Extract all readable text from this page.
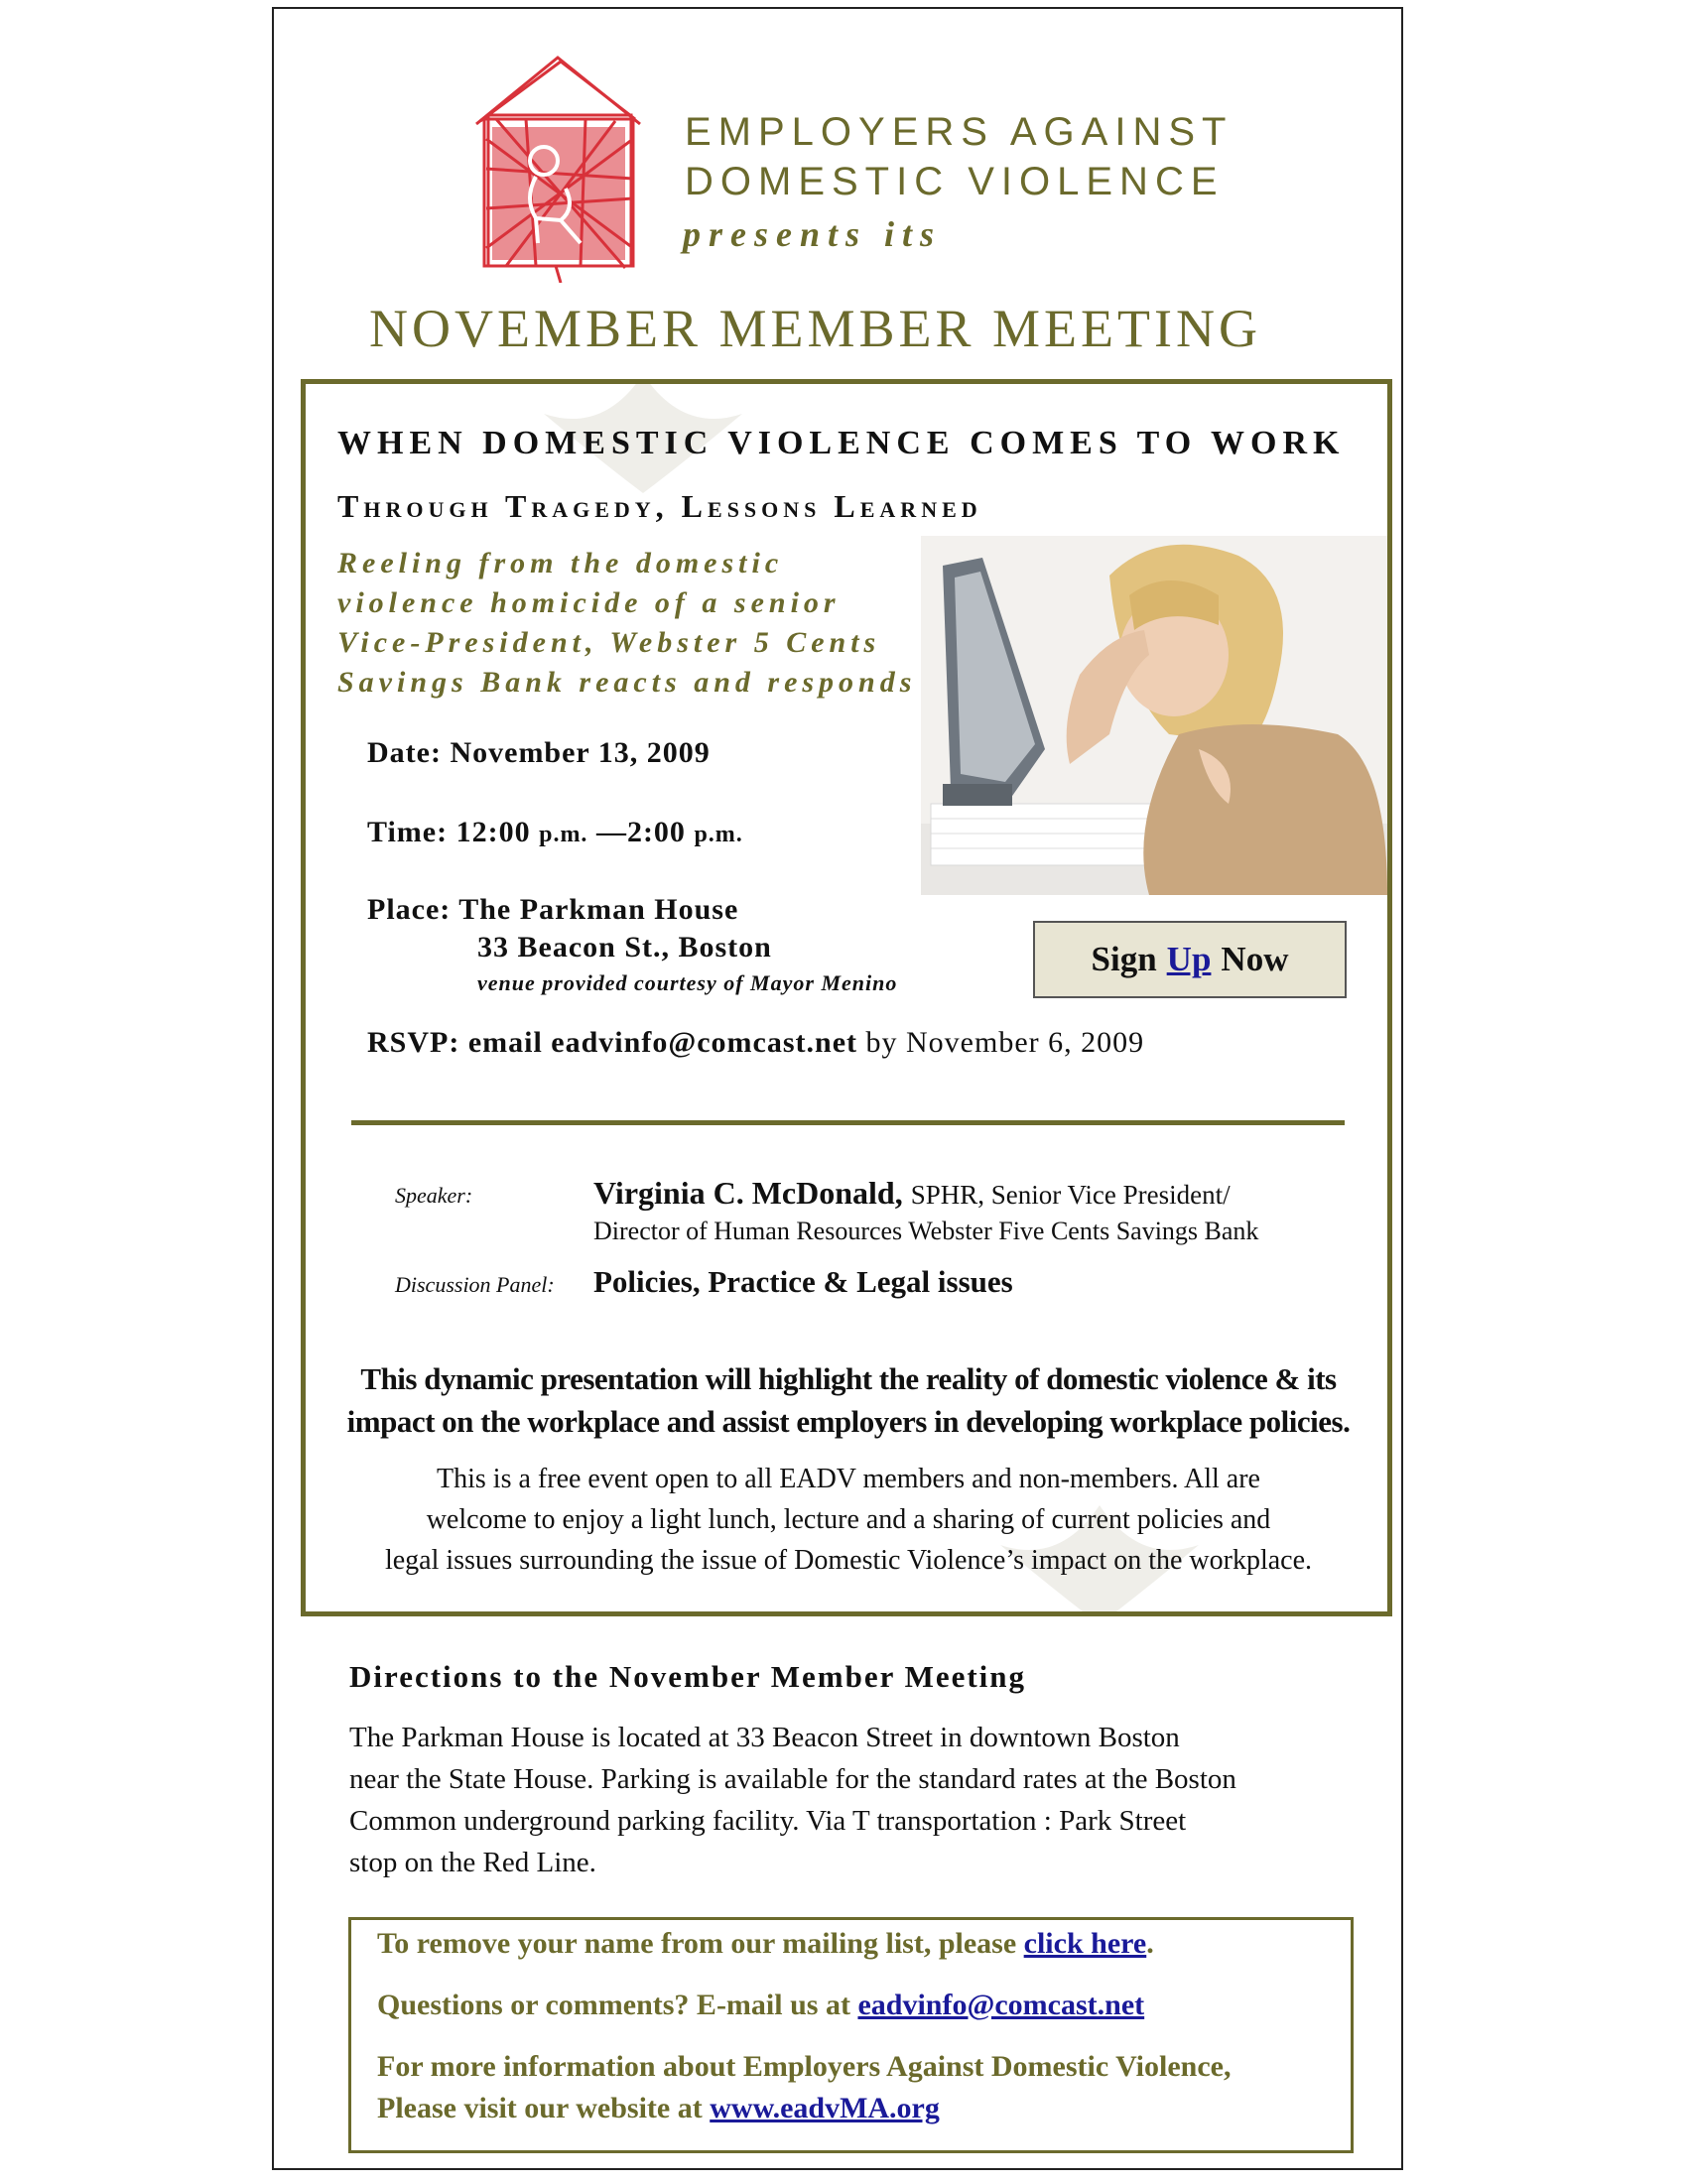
EMPLOYERS AGAINST
DOMESTIC VIOLENCE
presents its
NOVEMBER MEMBER MEETING
WHEN DOMESTIC VIOLENCE COMES TO WORK
Through Tragedy, Lessons Learned
Reeling from the domestic
violence homicide of a senior
Vice-President, Webster 5 Cents
Savings Bank reacts and responds
Date: November 13, 2009
Time: 12:00 p.m. —2:00 p.m.
Place: The Parkman House
33 Beacon St., Boston
venue provided courtesy of Mayor Menino
Sign Up Now
RSVP: email eadvinfo@comcast.net by November 6, 2009
Speaker:	Virginia C. McDonald, SPHR, Senior Vice President/
Director of Human Resources Webster Five Cents Savings Bank
Discussion Panel: Policies, Practice & Legal issues
This dynamic presentation will highlight the reality of domestic violence & its
impact on the workplace and assist employers in developing workplace policies.
This is a free event open to all EADV members and non-members. All are
welcome to enjoy a light lunch, lecture and a sharing of current policies and
legal issues surrounding the issue of Domestic Violence’s impact on the workplace.
Directions to the November Member Meeting
The Parkman House is located at 33 Beacon Street in downtown Boston
near the State House. Parking is available for the standard rates at the Boston
Common underground parking facility. Via T transportation : Park Street
stop on the Red Line.
To remove your name from our mailing list, please click here.
Questions or comments? E-mail us at eadvinfo@comcast.net
For more information about Employers Against Domestic Violence,
Please visit our website at www.eadvMA.org
